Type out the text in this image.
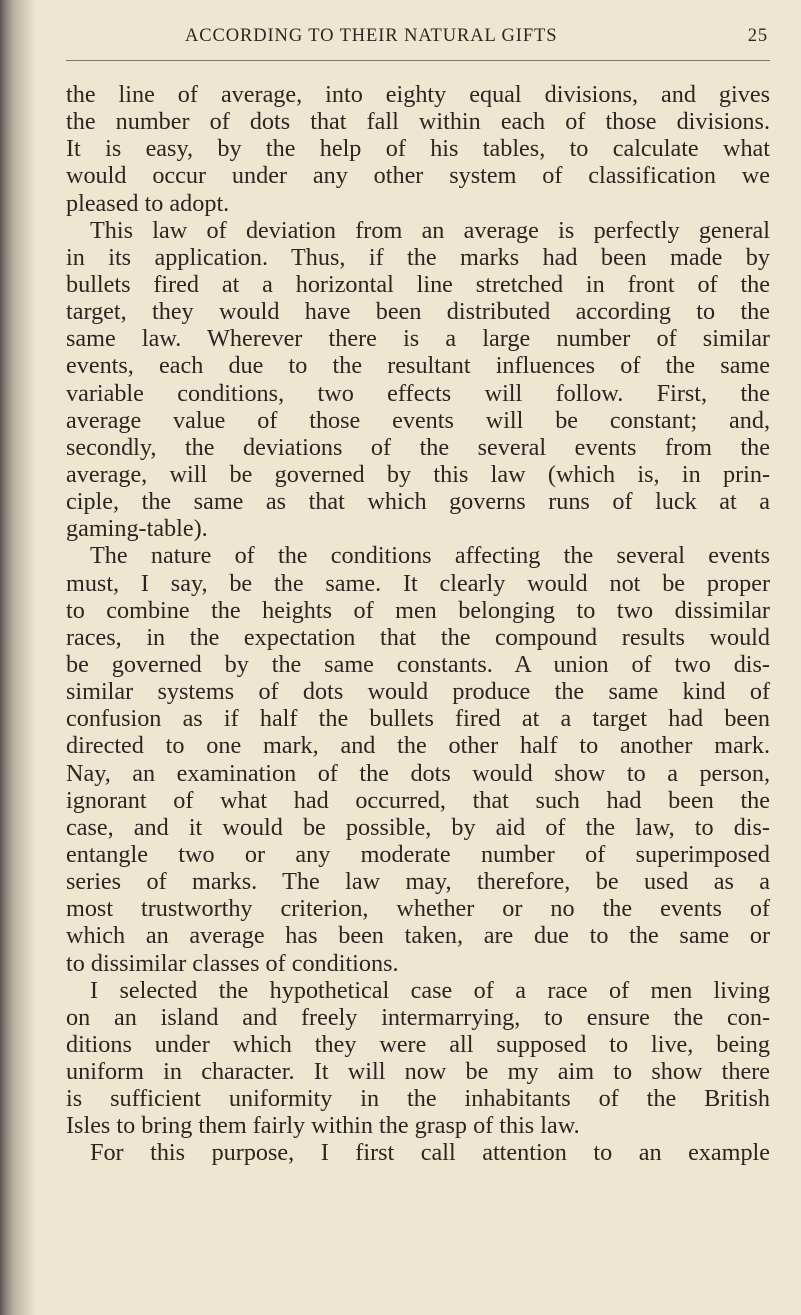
ACCORDING TO THEIR NATURAL GIFTS	25
the line of average, into eighty equal divisions, and gives
the number of dots that fall within each of those divisions.
It is easy, by the help of his tables, to calculate what
would occur under any other system of classification we
pleased to adopt.
This law of deviation from an average is perfectly general
in its application. Thus, if the marks had been made by
bullets fired at a horizontal line stretched in front of the
target, they would have been distributed according to the
same law. Wherever there is a large number of similar
events, each due to the resultant influences of the same
variable conditions, two effects will follow. First, the
average value of those events will be constant; and,
secondly, the deviations of the several events from the
average, will be governed by this law (which is, in prin-
ciple, the same as that which governs runs of luck at a
gaming-table).
The nature of the conditions affecting the several events
must, I say, be the same. It clearly would not be proper
to combine the heights of men belonging to two dissimilar
races, in the expectation that the compound results would
be governed by the same constants. A union of two dis-
similar systems of dots would produce the same kind of
confusion as if half the bullets fired at a target had been
directed to one mark, and the other half to another mark.
Nay, an examination of the dots would show to a person,
ignorant of what had occurred, that such had been the
case, and it would be possible, by aid of the law, to dis-
entangle two or any moderate number of superimposed
series of marks. The law may, therefore, be used as a
most trustworthy criterion, whether or no the events of
which an average has been taken, are due to the same or
to dissimilar classes of conditions.
I selected the hypothetical case of a race of men living
on an island and freely intermarrying, to ensure the con-
ditions under which they were all supposed to live, being
uniform in character. It will now be my aim to show there
is sufficient uniformity in the inhabitants of the British
Isles to bring them fairly within the grasp of this law.
For this purpose, I first call attention to an example
